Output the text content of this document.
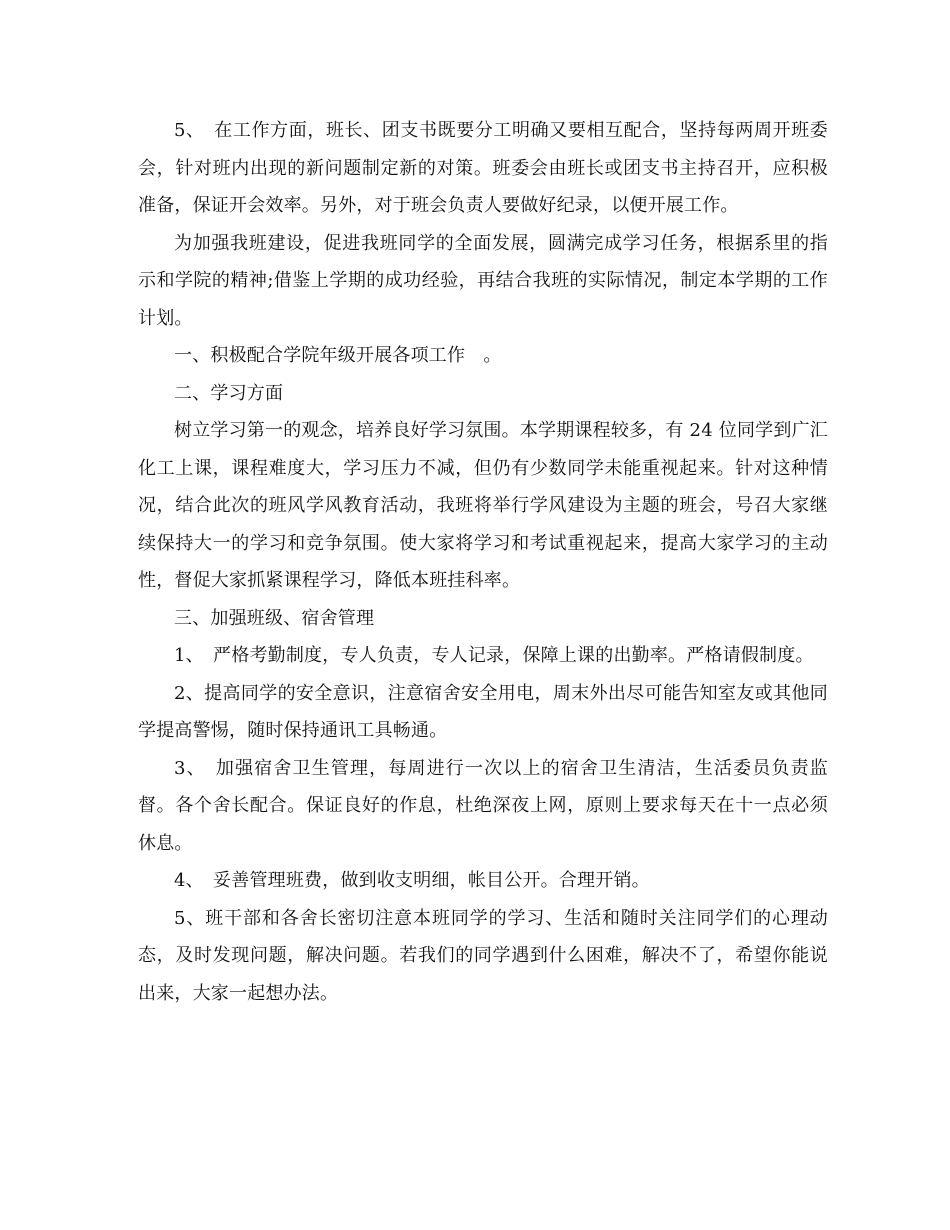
5、　在工作方面，班长、团支书既要分工明确又要相互配合，坚持每两周开班委会，针对班内出现的新问题制定新的对策。班委会由班长或团支书主持召开，应积极准备，保证开会效率。另外，对于班会负责人要做好纪录，以便开展工作。

为加强我班建设，促进我班同学的全面发展，圆满完成学习任务，根据系里的指示和学院的精神;借鉴上学期的成功经验，再结合我班的实际情况，制定本学期的工作计划。

一、积极配合学院年级开展各项工作　。

二、学习方面

树立学习第一的观念，培养良好学习氛围。本学期课程较多，有 24 位同学到广汇化工上课，课程难度大，学习压力不减，但仍有少数同学未能重视起来。针对这种情况，结合此次的班风学风教育活动，我班将举行学风建设为主题的班会，号召大家继续保持大一的学习和竞争氛围。使大家将学习和考试重视起来，提高大家学习的主动性，督促大家抓紧课程学习，降低本班挂科率。

三、加强班级、宿舍管理

1、　严格考勤制度，专人负责，专人记录，保障上课的出勤率。严格请假制度。

2、提高同学的安全意识，注意宿舍安全用电，周末外出尽可能告知室友或其他同学提高警惕，随时保持通讯工具畅通。

3、　加强宿舍卫生管理，每周进行一次以上的宿舍卫生清洁，生活委员负责监督。各个舍长配合。保证良好的作息，杜绝深夜上网，原则上要求每天在十一点必须休息。

4、　妥善管理班费，做到收支明细，帐目公开。合理开销。

5、班干部和各舍长密切注意本班同学的学习、生活和随时关注同学们的心理动态，及时发现问题，解决问题。若我们的同学遇到什么困难，解决不了，希望你能说出来，大家一起想办法。
